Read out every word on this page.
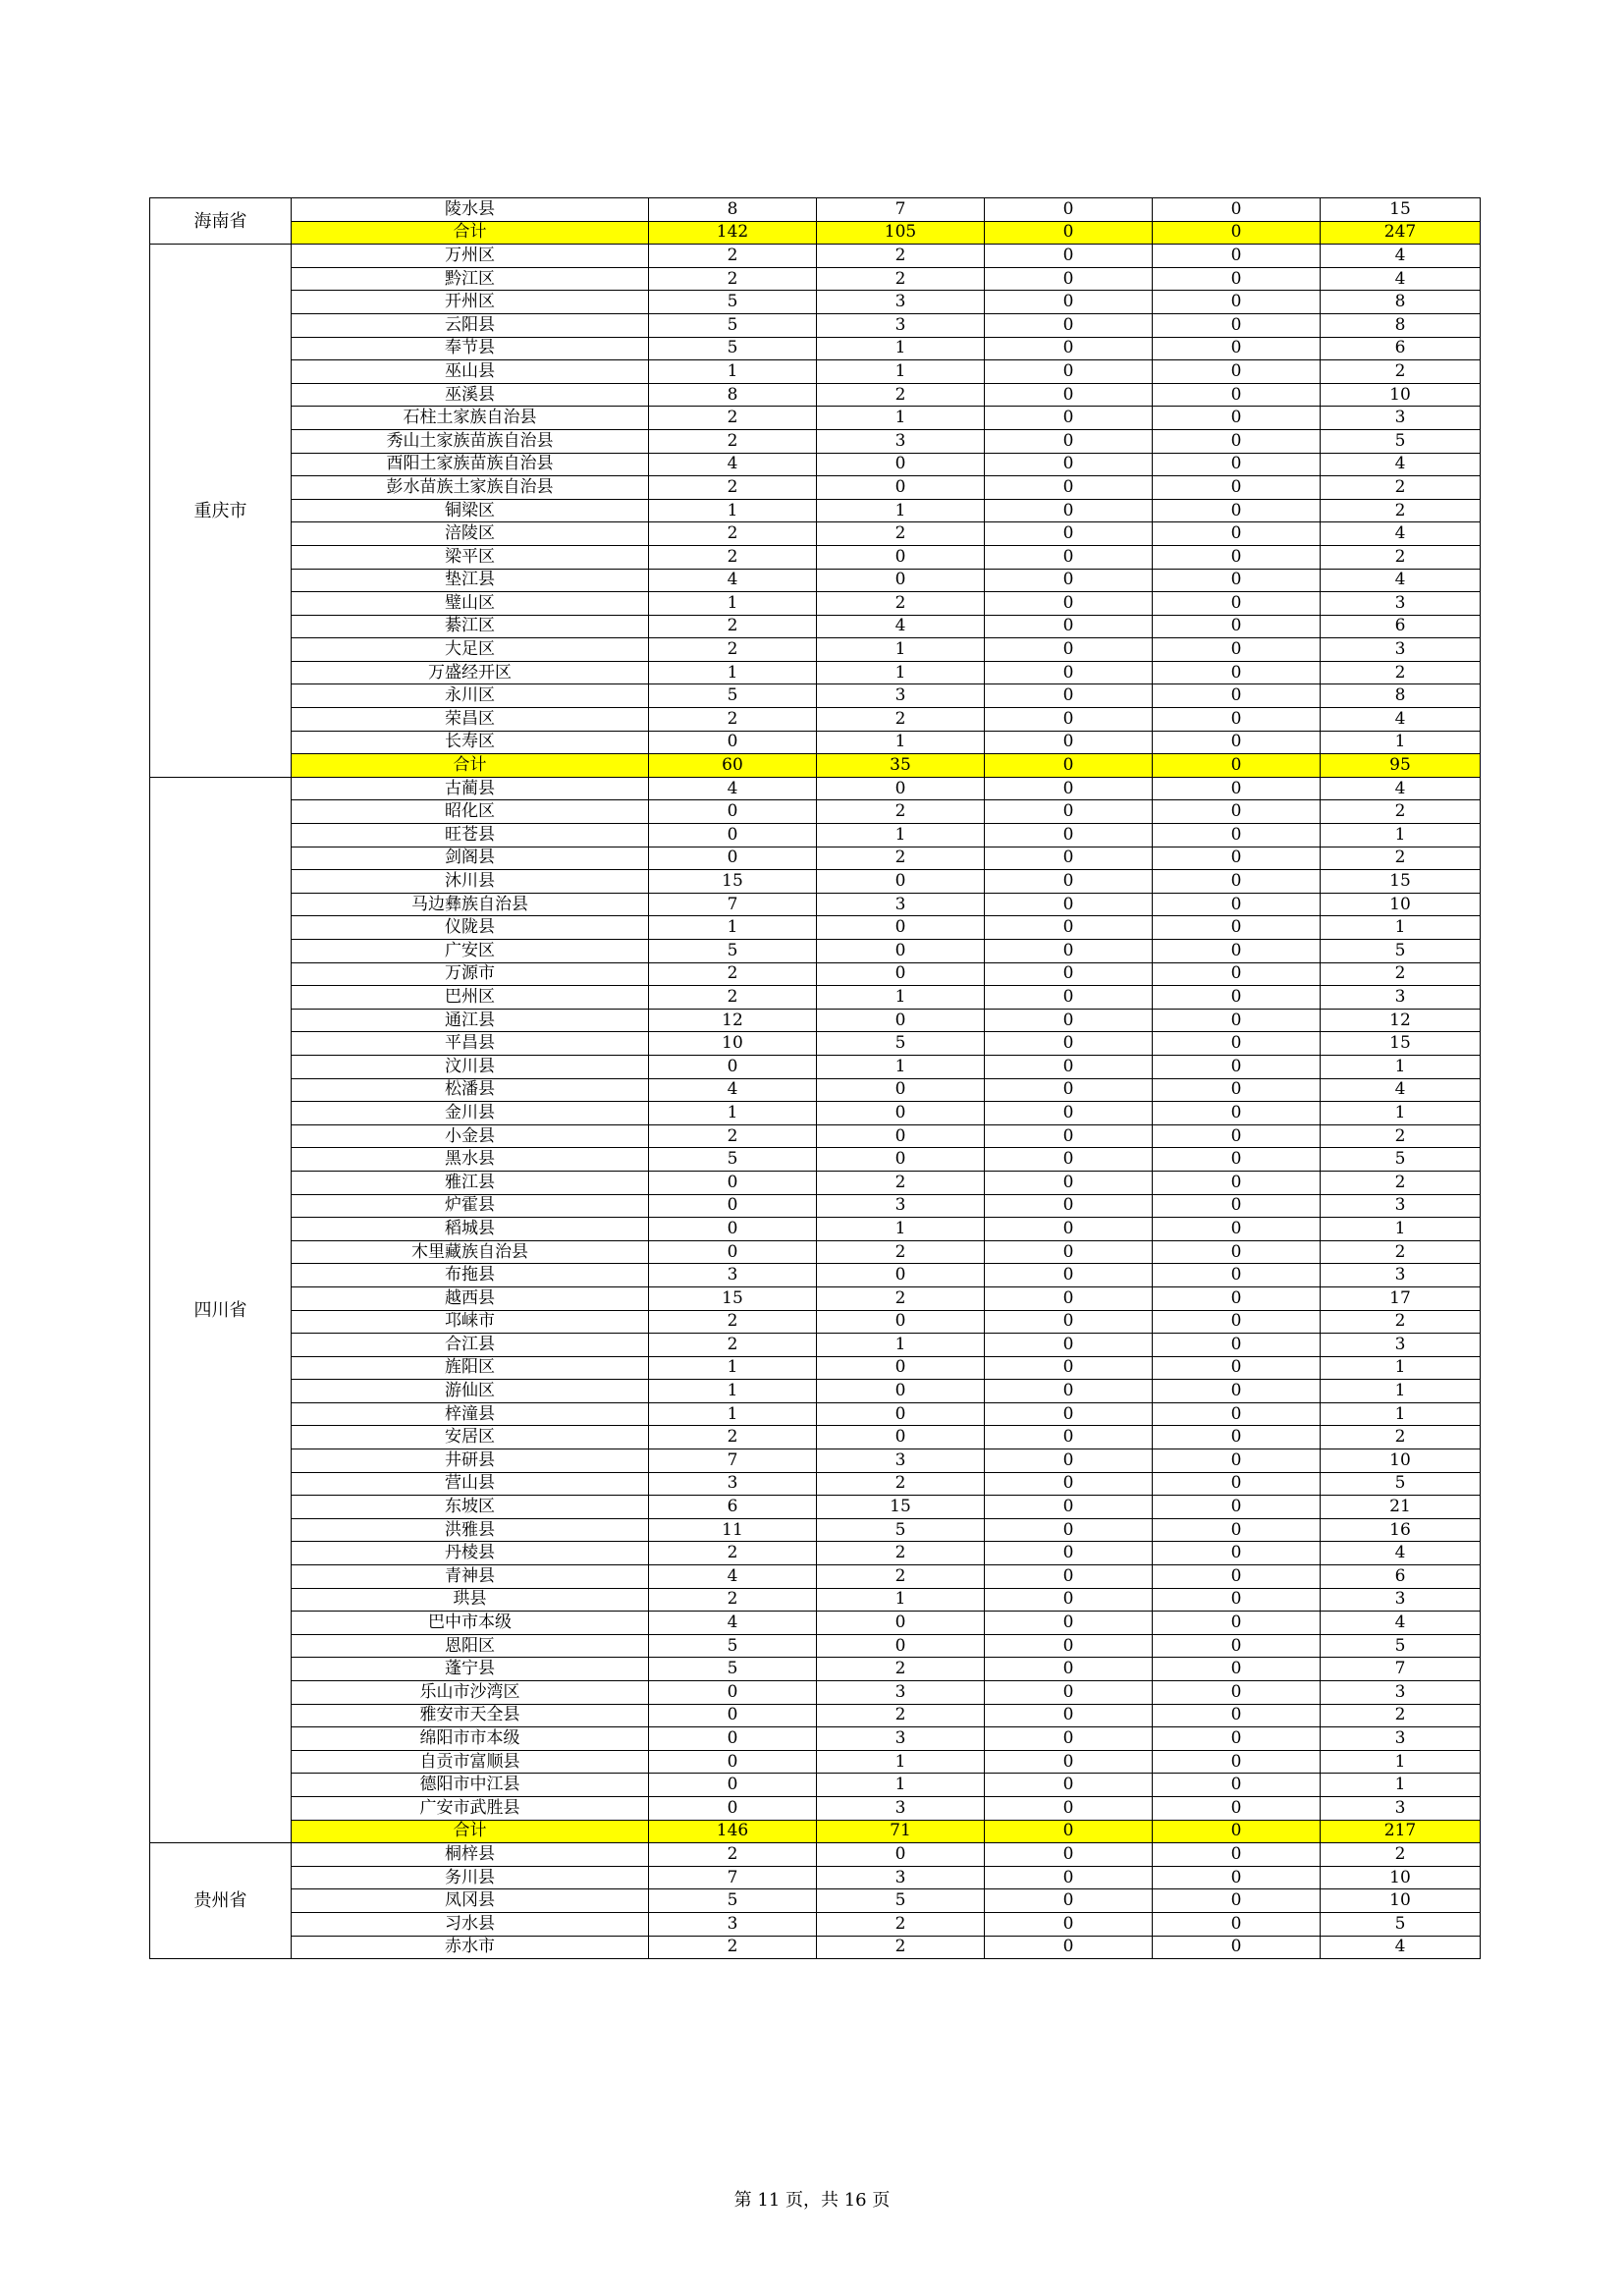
海南省	陵水县	8	7	0	0	15
	合计	142	105	0	0	247
重庆市	万州区	2	2	0	0	4
	黔江区	2	2	0	0	4
	开州区	5	3	0	0	8
	云阳县	5	3	0	0	8
	奉节县	5	1	0	0	6
	巫山县	1	1	0	0	2
	巫溪县	8	2	0	0	10
	石柱土家族自治县	2	1	0	0	3
	秀山土家族苗族自治县	2	3	0	0	5
	酉阳土家族苗族自治县	4	0	0	0	4
	彭水苗族土家族自治县	2	0	0	0	2
	铜梁区	1	1	0	0	2
	涪陵区	2	2	0	0	4
	梁平区	2	0	0	0	2
	垫江县	4	0	0	0	4
	璧山区	1	2	0	0	3
	綦江区	2	4	0	0	6
	大足区	2	1	0	0	3
	万盛经开区	1	1	0	0	2
	永川区	5	3	0	0	8
	荣昌区	2	2	0	0	4
	长寿区	0	1	0	0	1
	合计	60	35	0	0	95
四川省	古蔺县	4	0	0	0	4
	昭化区	0	2	0	0	2
	旺苍县	0	1	0	0	1
	剑阁县	0	2	0	0	2
	沐川县	15	0	0	0	15
	马边彝族自治县	7	3	0	0	10
	仪陇县	1	0	0	0	1
	广安区	5	0	0	0	5
	万源市	2	0	0	0	2
	巴州区	2	1	0	0	3
	通江县	12	0	0	0	12
	平昌县	10	5	0	0	15
	汶川县	0	1	0	0	1
	松潘县	4	0	0	0	4
	金川县	1	0	0	0	1
	小金县	2	0	0	0	2
	黑水县	5	0	0	0	5
	雅江县	0	2	0	0	2
	炉霍县	0	3	0	0	3
	稻城县	0	1	0	0	1
	木里藏族自治县	0	2	0	0	2
	布拖县	3	0	0	0	3
	越西县	15	2	0	0	17
	邛崃市	2	0	0	0	2
	合江县	2	1	0	0	3
	旌阳区	1	0	0	0	1
	游仙区	1	0	0	0	1
	梓潼县	1	0	0	0	1
	安居区	2	0	0	0	2
	井研县	7	3	0	0	10
	营山县	3	2	0	0	5
	东坡区	6	15	0	0	21
	洪雅县	11	5	0	0	16
	丹棱县	2	2	0	0	4
	青神县	4	2	0	0	6
	珙县	2	1	0	0	3
	巴中市本级	4	0	0	0	4
	恩阳区	5	0	0	0	5
	蓬宁县	5	2	0	0	7
	乐山市沙湾区	0	3	0	0	3
	雅安市天全县	0	2	0	0	2
	绵阳市市本级	0	3	0	0	3
	自贡市富顺县	0	1	0	0	1
	德阳市中江县	0	1	0	0	1
	广安市武胜县	0	3	0	0	3
	合计	146	71	0	0	217
贵州省	桐梓县	2	0	0	0	2
	务川县	7	3	0	0	10
	凤冈县	5	5	0	0	10
	习水县	3	2	0	0	5
	赤水市	2	2	0	0	4
第 11 页，共 16 页
